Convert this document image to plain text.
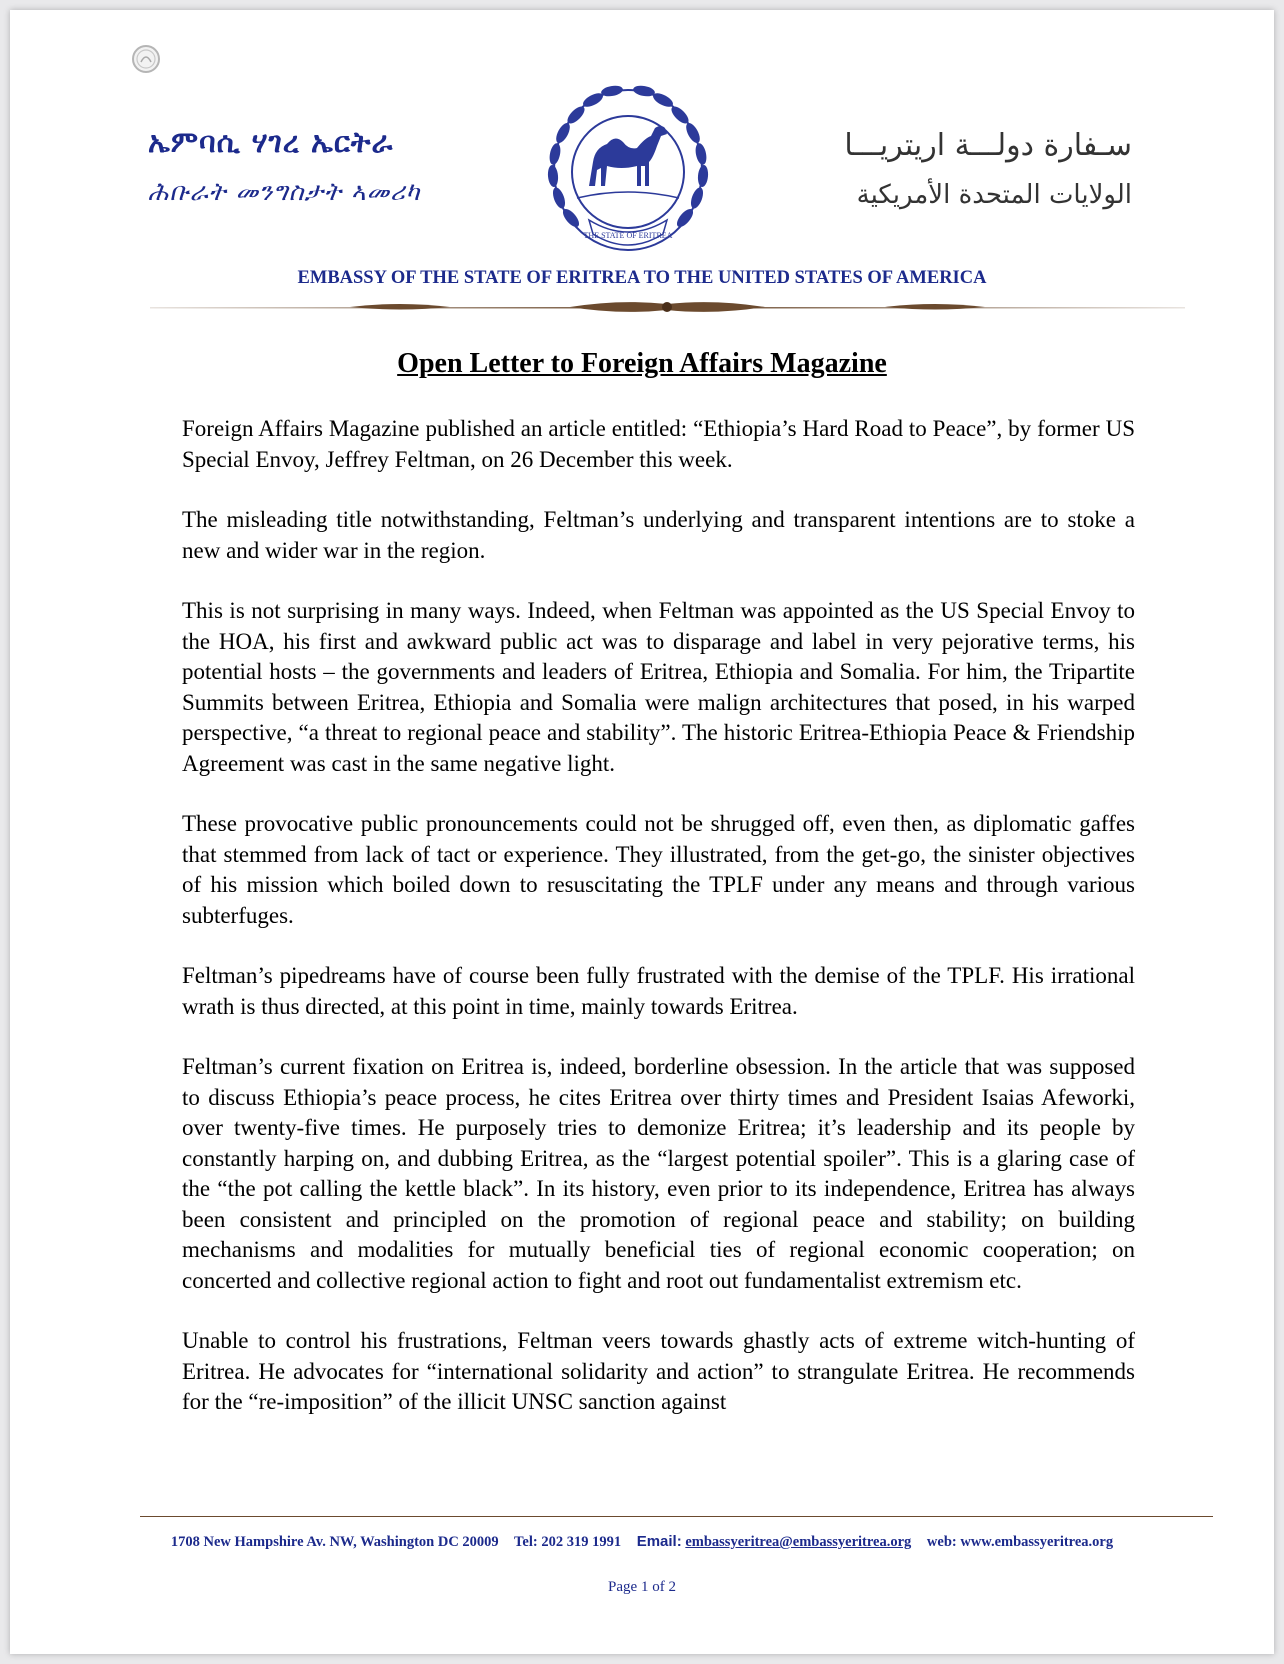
ኤምባሲ ሃገረ ኤርትራ
ሕቡራት መንግስታት ኣመሪካ
THE STATE OF ERITREA
سـفارة دولـــة اريتريـــا
الولايات المتحدة الأمريكية
EMBASSY OF THE STATE OF ERITREA TO THE UNITED STATES OF AMERICA
Open Letter to Foreign Affairs Magazine

Foreign Affairs Magazine published an article entitled: “Ethiopia’s Hard Road to Peace”, by former US Special Envoy, Jeffrey Feltman, on 26 December this week.

The misleading title notwithstanding, Feltman’s underlying and transparent intentions are to stoke a new and wider war in the region.

This is not surprising in many ways. Indeed, when Feltman was appointed as the US Special Envoy to the HOA, his first and awkward public act was to disparage and label in very pejorative terms, his potential hosts – the governments and leaders of Eritrea, Ethiopia and Somalia. For him, the Tripartite Summits between Eritrea, Ethiopia and Somalia were malign architectures that posed, in his warped perspective, “a threat to regional peace and stability”. The historic Eritrea-Ethiopia Peace & Friendship Agreement was cast in the same negative light.

These provocative public pronouncements could not be shrugged off, even then, as diplomatic gaffes that stemmed from lack of tact or experience. They illustrated, from the get-go, the sinister objectives of his mission which boiled down to resuscitating the TPLF under any means and through various subterfuges.

Feltman’s pipedreams have of course been fully frustrated with the demise of the TPLF. His irrational wrath is thus directed, at this point in time, mainly towards Eritrea.

Feltman’s current fixation on Eritrea is, indeed, borderline obsession. In the article that was supposed to discuss Ethiopia’s peace process, he cites Eritrea over thirty times and President Isaias Afeworki, over twenty-five times. He purposely tries to demonize Eritrea; it’s leadership and its people by constantly harping on, and dubbing Eritrea, as the “largest potential spoiler”. This is a glaring case of the “the pot calling the kettle black”. In its history, even prior to its independence, Eritrea has always been consistent and principled on the promotion of regional peace and stability; on building mechanisms and modalities for mutually beneficial ties of regional economic cooperation; on concerted and collective regional action to fight and root out fundamentalist extremism etc.

Unable to control his frustrations, Feltman veers towards ghastly acts of extreme witch-hunting of Eritrea. He advocates for “international solidarity and action” to strangulate Eritrea. He recommends for the “re-imposition” of the illicit UNSC sanction against

1708 New Hampshire Av. NW, Washington DC 20009 Tel: 202 319 1991 Email: embassyeritrea@embassyeritrea.org web: www.embassyeritrea.org
Page 1 of 2
